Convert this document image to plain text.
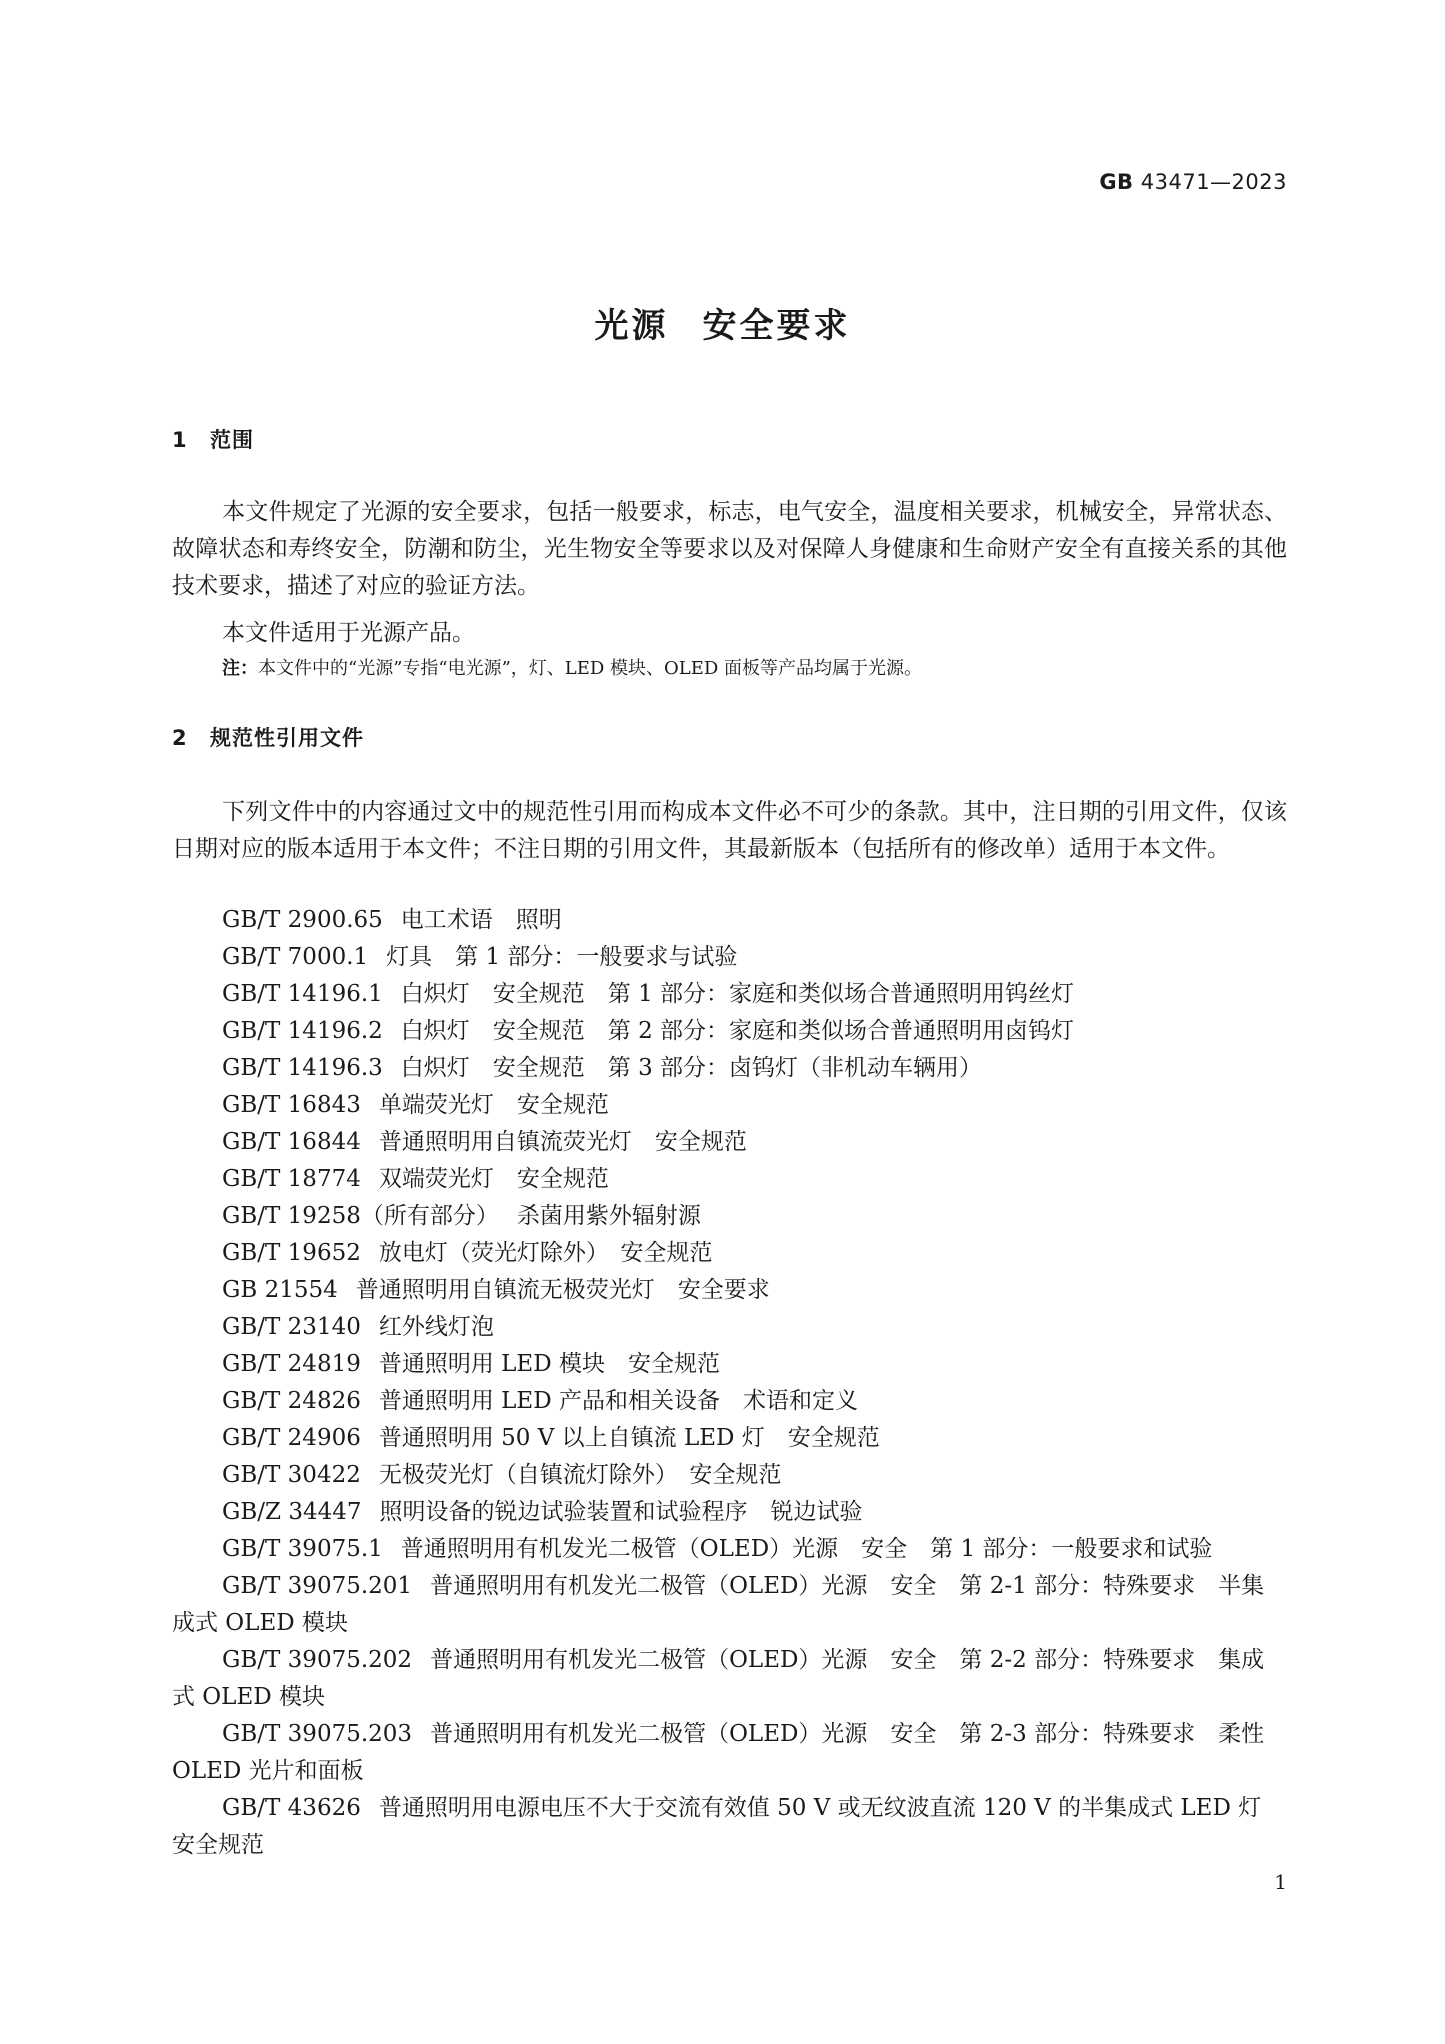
GB 43471—2023
光源 安全要求
1 范围
本文件规定了光源的安全要求，包括一般要求，标志，电气安全，温度相关要求，机械安全，异常状态、故障状态和寿终安全，防潮和防尘，光生物安全等要求以及对保障人身健康和生命财产安全有直接关系的其他技术要求，描述了对应的验证方法。
本文件适用于光源产品。
注：本文件中的“光源”专指“电光源”，灯、LED 模块、OLED 面板等产品均属于光源。
2 规范性引用文件
下列文件中的内容通过文中的规范性引用而构成本文件必不可少的条款。其中，注日期的引用文件，仅该日期对应的版本适用于本文件；不注日期的引用文件，其最新版本（包括所有的修改单）适用于本文件。
GB/T 2900.65 电工术语　照明
GB/T 7000.1 灯具　第 1 部分：一般要求与试验
GB/T 14196.1 白炽灯　安全规范　第 1 部分：家庭和类似场合普通照明用钨丝灯
GB/T 14196.2 白炽灯　安全规范　第 2 部分：家庭和类似场合普通照明用卤钨灯
GB/T 14196.3 白炽灯　安全规范　第 3 部分：卤钨灯（非机动车辆用）
GB/T 16843 单端荧光灯　安全规范
GB/T 16844 普通照明用自镇流荧光灯　安全规范
GB/T 18774 双端荧光灯　安全规范
GB/T 19258（所有部分） 杀菌用紫外辐射源
GB/T 19652 放电灯（荧光灯除外）　安全规范
GB 21554 普通照明用自镇流无极荧光灯　安全要求
GB/T 23140 红外线灯泡
GB/T 24819 普通照明用 LED 模块　安全规范
GB/T 24826 普通照明用 LED 产品和相关设备　术语和定义
GB/T 24906 普通照明用 50 V 以上自镇流 LED 灯　安全规范
GB/T 30422 无极荧光灯（自镇流灯除外）　安全规范
GB/Z 34447 照明设备的锐边试验装置和试验程序　锐边试验
GB/T 39075.1 普通照明用有机发光二极管（OLED）光源　安全　第 1 部分：一般要求和试验
GB/T 39075.201 普通照明用有机发光二极管（OLED）光源　安全　第 2-1 部分：特殊要求　半集成式 OLED 模块
GB/T 39075.202 普通照明用有机发光二极管（OLED）光源　安全　第 2-2 部分：特殊要求　集成式 OLED 模块
GB/T 39075.203 普通照明用有机发光二极管（OLED）光源　安全　第 2-3 部分：特殊要求　柔性 OLED 光片和面板
GB/T 43626 普通照明用电源电压不大于交流有效值 50 V 或无纹波直流 120 V 的半集成式 LED 灯　安全规范
1
